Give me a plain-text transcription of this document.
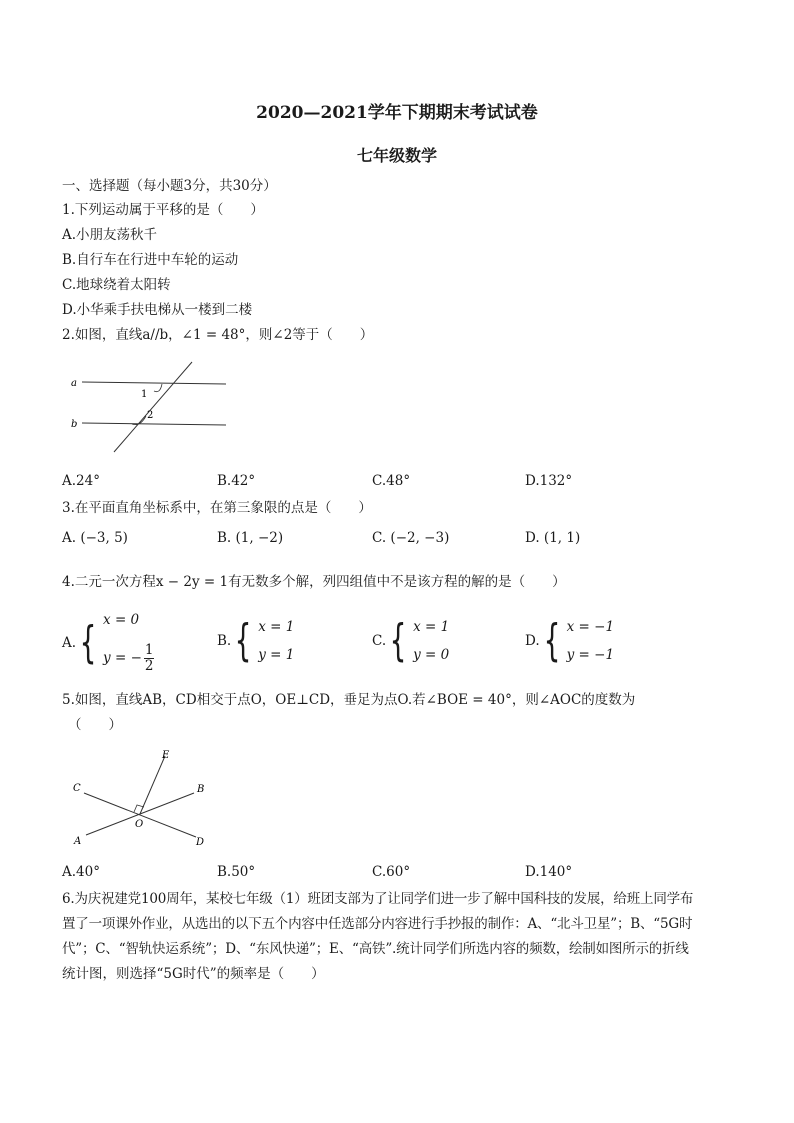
2020—2021学年下期期末考试试卷
七年级数学
一、选择题（每小题3分，共30分）
1.下列运动属于平移的是（　　）
A.小朋友荡秋千
B.自行车在行进中车轮的运动
C.地球绕着太阳转
D.小华乘手扶电梯从一楼到二楼
2.如图，直线a//b，∠1 = 48°，则∠2等于（　　）
a
b
1
2
A.24°	B.42°	C.48°	D.132°
3.在平面直角坐标系中，在第三象限的点是（　　）
A. (−3, 5)	B. (1, −2)	C. (−2, −3)	D. (1, 1)
4.二元一次方程x − 2y = 1有无数多个解，列四组值中不是该方程的解的是（　　）
A. { x = 0
y = − $\frac{1}{2}$
B. { x = 1
y = 1
C. { x = 1
y = 0
D. { x = −1
y = −1
5.如图，直线AB，CD相交于点O，OE⊥CD，垂足为点O.若∠BOE = 40°，则∠AOC的度数为
（　　）
E
C	B
A
O
D
A.40°	B.50°	C.60°	D.140°
6.为庆祝建党100周年，某校七年级（1）班团支部为了让同学们进一步了解中国科技的发展，给班上同学布
置了一项课外作业，从选出的以下五个内容中任选部分内容进行手抄报的制作：A、“北斗卫星”；B、“5G时
代”；C、“智轨快运系统”；D、“东风快递”；E、“高铁”.统计同学们所选内容的频数，绘制如图所示的折线
统计图，则选择“5G时代”的频率是（　　）
